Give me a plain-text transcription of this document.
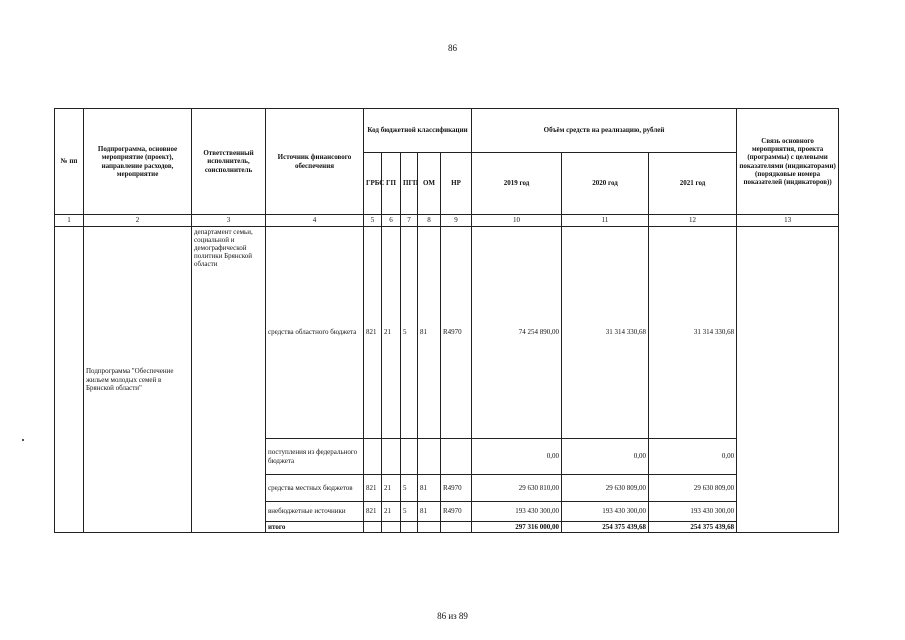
86
№ пп	Подпрограмма, основное мероприятие (проект), направление расходов, мероприятие	Ответственный исполнитель, соисполнитель	Источник финансового обеспечения	Код бюджетной классификации					Объём средств на реализацию, рублей			Связь основного мероприятия, проекта (программы) с целевыми показателями (индикаторами) (порядковые номера показателей (индикаторов))
				ГРБС	ГП	ПГП	ОМ	НР	2019 год	2020 год	2021 год	
1	2	3	4	5	6	7	8	9	10	11	12	13
	Подпрограмма "Обеспечение жильем молодых семей в Брянской области"	департамент семьи, социальной и демографической политики Брянской области	средства областного бюджета	821	21	5	81	R4970	74 254 890,00	31 314 330,68	31 314 330,68	
			поступления из федерального бюджета						0,00	0,00	0,00	
			средства местных бюджетов	821	21	5	81	R4970	29 630 810,00	29 630 809,00	29 630 809,00	
			внебюджетные источники	821	21	5	81	R4970	193 430 300,00	193 430 300,00	193 430 300,00	
			итого						297 316 000,00	254 375 439,68	254 375 439,68	
86 из 89
